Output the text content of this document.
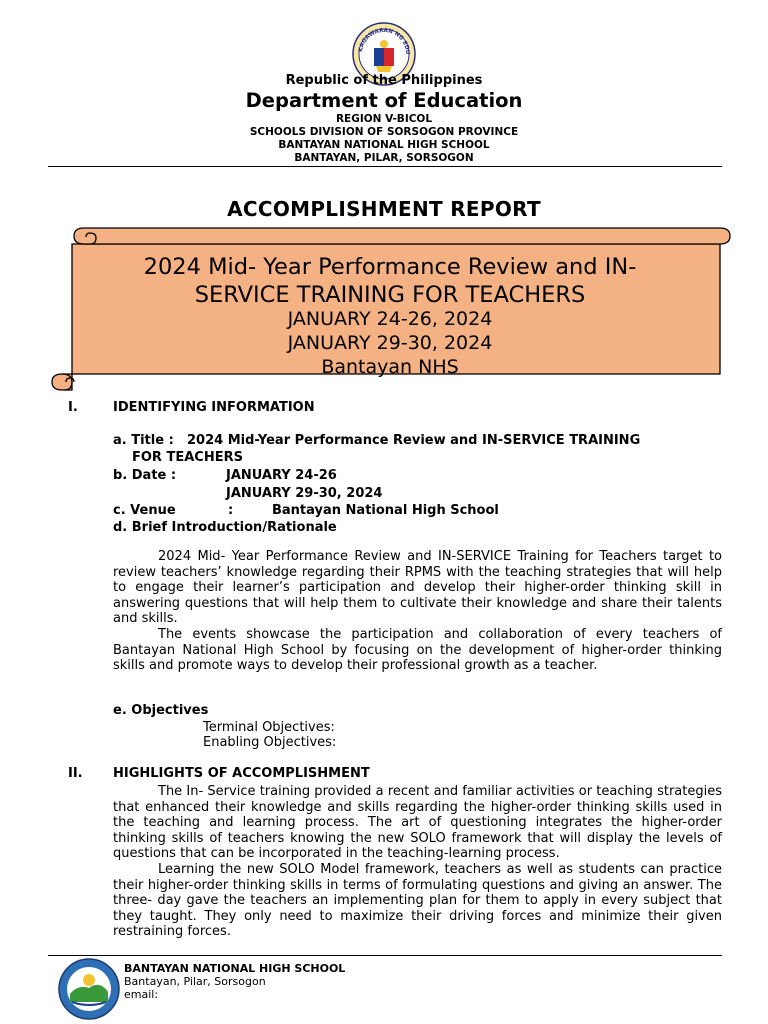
KAGAWARAN NG EDU
Republic of the Philippines
Department of Education
REGION V-BICOL
SCHOOLS DIVISION OF SORSOGON PROVINCE
BANTAYAN NATIONAL HIGH SCHOOL
BANTAYAN, PILAR, SORSOGON
ACCOMPLISHMENT REPORT
2024 Mid- Year Performance Review and IN-
SERVICE TRAINING FOR TEACHERS
JANUARY 24-26, 2024
JANUARY 29-30, 2024
Bantayan NHS
I.	IDENTIFYING INFORMATION
a. Title : 2024 Mid-Year Performance Review and IN-SERVICE TRAINING
FOR TEACHERS
b. Date :	JANUARY 24-26
JANUARY 29-30, 2024
c. Venue	:	Bantayan National High School
d. Brief Introduction/Rationale

2024 Mid- Year Performance Review and IN-SERVICE Training for Teachers target to review teachers’ knowledge regarding their RPMS with the teaching strategies that will help to engage their learner’s participation and develop their higher-order thinking skill in answering questions that will help them to cultivate their knowledge and share their talents and skills.

The events showcase the participation and collaboration of every teachers of Bantayan National High School by focusing on the development of higher-order thinking skills and promote ways to develop their professional growth as a teacher.

e. Objectives
Terminal Objectives:
Enabling Objectives:
II. HIGHLIGHTS OF ACCOMPLISHMENT

The In- Service training provided a recent and familiar activities or teaching strategies that enhanced their knowledge and skills regarding the higher-order thinking skills used in the teaching and learning process. The art of questioning integrates the higher-order thinking skills of teachers knowing the new SOLO framework that will display the levels of questions that can be incorporated in the teaching-learning process.

Learning the new SOLO Model framework, teachers as well as students can practice their higher-order thinking skills in terms of formulating questions and giving an answer. The three- day gave the teachers an implementing plan for them to apply in every subject that they taught. They only need to maximize their driving forces and minimize their given restraining forces.

BANTAYAN NATIONAL HIGH SCHOOL
Bantayan, Pilar, Sorsogon
email:
